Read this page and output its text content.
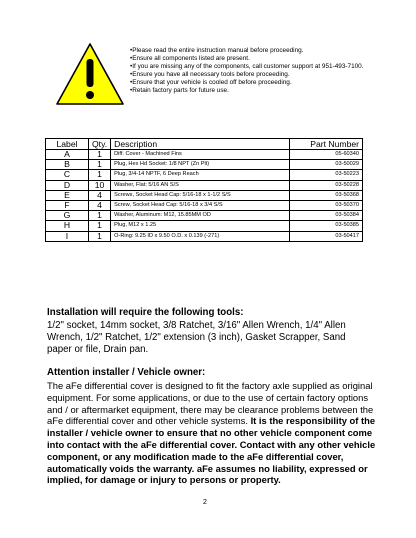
• Please read the entire instruction manual before proceeding.
• Ensure all components listed are present.
• If you are missing any of the components, call customer support at 951-493-7100.
• Ensure you have all necessary tools before proceeding.
• Ensure that your vehicle is cooled off before proceeding.
• Retain factory parts for future use.
Label	Qty.	Description	Part Number
A	1	Diff. Cover - Machined Fins	05-60340
B	1	Plug, Hex Hd Socket: 1/8 NPT (Zn Plt)	03-50029
C	1	Plug, 3/4-14 NPTF, 6 Deep Reach	03-50223
D	10	Washer, Flat: 5/16 AN S/S	03-50228
E	4	Screws, Socket Head Cap: 5/16-18 x 1-1/2 S/S	03-50368
F	4	Screw, Socket Head Cap: 5/16-18 x 3/4 S/S	03-50370
G	1	Washer, Aluminum: M12, 15.85MM OD	03-50384
H	1	Plug, M12 x 1.25	03-50385
I	1	O-Ring: 9.25 ID x 9.50 O.D. x 0.139 (-271)	03-50417

Installation will require the following tools:

1/2" socket, 14mm socket, 3/8 Ratchet, 3/16" Allen Wrench, 1/4" Allen Wrench, 1/2" Ratchet, 1/2" extension (3 inch), Gasket Scrapper, Sand paper or file, Drain pan.

Attention installer / Vehicle owner:

The aFe differential cover is designed to fit the factory axle supplied as original equipment. For some applications, or due to the use of certain factory options and / or aftermarket equipment, there may be clearance problems between the aFe differential cover and other vehicle systems. It is the responsibility of the installer / vehicle owner to ensure that no other vehicle component come into contact with the aFe differential cover. Contact with any other vehicle component, or any modification made to the aFe differential cover, automatically voids the warranty. aFe assumes no liability, expressed or implied, for damage or injury to persons or property.

2
